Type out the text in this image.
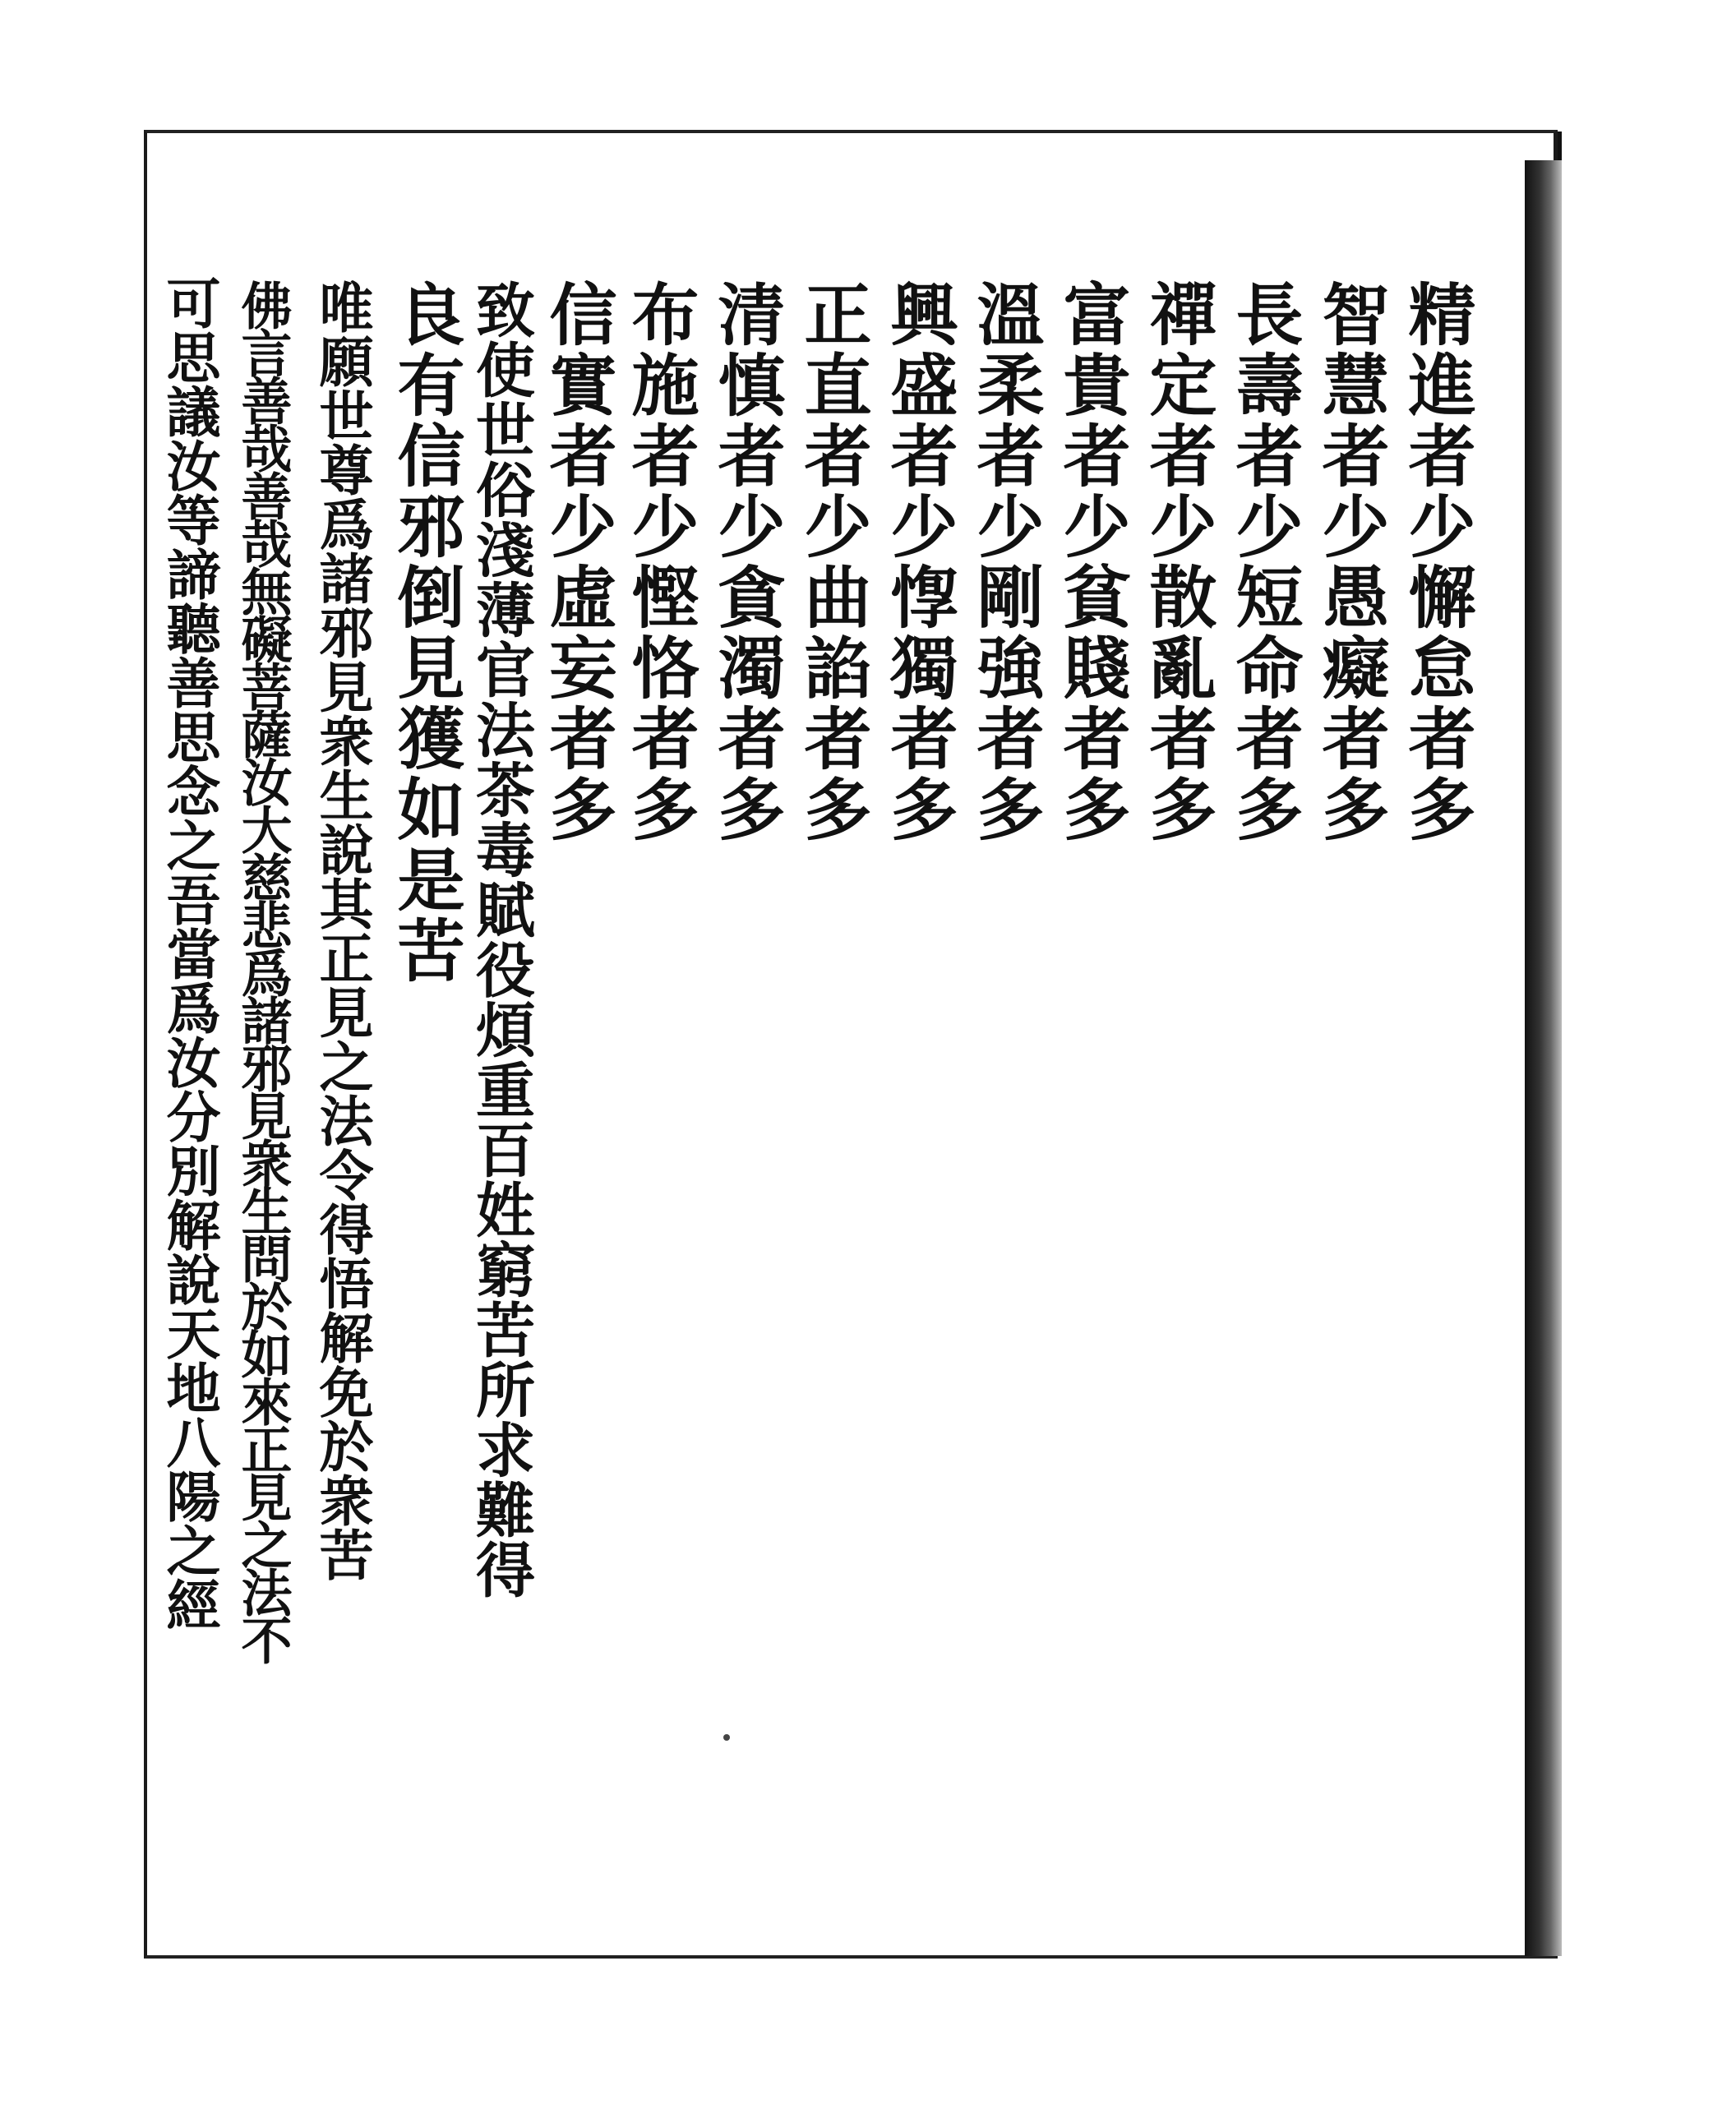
精進者少懈怠者多
智慧者少愚癡者多
長壽者少短命者多
禪定者少散亂者多
富貴者少貧賤者多
溫柔者少剛強者多
興盛者少惸獨者多
正直者少曲諂者多
清慎者少貪濁者多
布施者少慳恪者多
信實者少虛妄者多
致使世俗淺薄官法茶毒賦役煩重百姓窮苦所求難得
良有信邪倒見獲如是苦
唯願世尊爲諸邪見衆生說其正見之法令得悟解免於衆苦
佛言善哉善哉無礙菩薩汝大慈悲爲諸邪見衆生問於如來正見之法不
可思議汝等諦聽善思念之吾當爲汝分別解說天地八陽之經
